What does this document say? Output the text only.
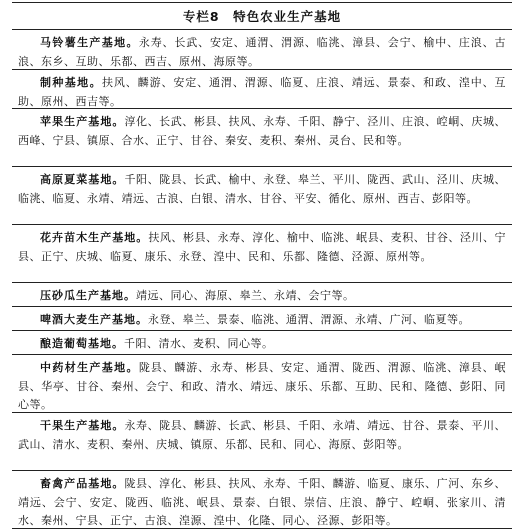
专栏8　特色农业生产基地
马铃薯生产基地。永寿、长武、安定、通渭、渭源、临洮、漳县、会宁、榆中、庄浪、古浪、东乡、互助、乐都、西吉、原州、海原等。
制种基地。扶风、麟游、安定、通渭、渭源、临夏、庄浪、靖远、景泰、和政、湟中、互助、原州、西吉等。
苹果生产基地。淳化、长武、彬县、扶风、永寿、千阳、静宁、泾川、庄浪、崆峒、庆城、西峰、宁县、镇原、合水、正宁、甘谷、秦安、麦积、秦州、灵台、民和等。
高原夏菜基地。千阳、陇县、长武、榆中、永登、皋兰、平川、陇西、武山、泾川、庆城、临洮、临夏、永靖、靖远、古浪、白银、清水、甘谷、平安、循化、原州、西吉、彭阳等。
花卉苗木生产基地。扶风、彬县、永寿、淳化、榆中、临洮、岷县、麦积、甘谷、泾川、宁县、正宁、庆城、临夏、康乐、永登、湟中、民和、乐都、隆德、泾源、原州等。
压砂瓜生产基地。靖远、同心、海原、皋兰、永靖、会宁等。
啤酒大麦生产基地。永登、皋兰、景泰、临洮、通渭、渭源、永靖、广河、临夏等。
酿造葡萄基地。千阳、清水、麦积、同心等。
中药材生产基地。陇县、麟游、永寿、彬县、安定、通渭、陇西、渭源、临洮、漳县、岷县、华亭、甘谷、秦州、会宁、和政、清水、靖远、康乐、乐都、互助、民和、隆德、彭阳、同心等。
干果生产基地。永寿、陇县、麟游、长武、彬县、千阳、永靖、靖远、甘谷、景泰、平川、武山、清水、麦积、秦州、庆城、镇原、乐都、民和、同心、海原、彭阳等。
畜禽产品基地。陇县、淳化、彬县、扶风、永寿、千阳、麟游、临夏、康乐、广河、东乡、靖远、会宁、安定、陇西、临洮、岷县、景泰、白银、崇信、庄浪、静宁、崆峒、张家川、清水、秦州、宁县、正宁、古浪、湟源、湟中、化隆、同心、泾源、彭阳等。
